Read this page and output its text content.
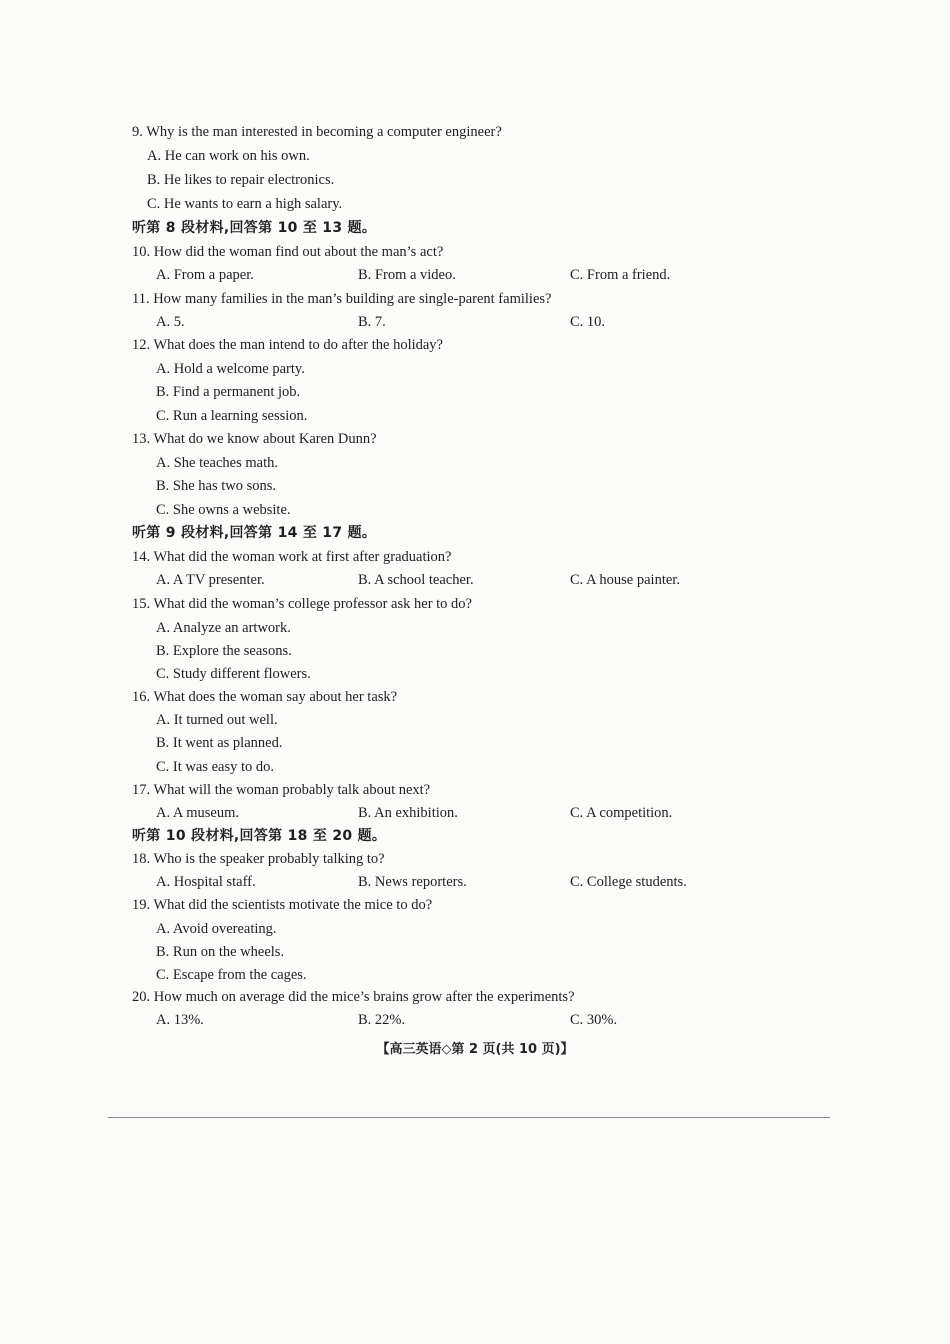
9. Why is the man interested in becoming a computer engineer?
A. He can work on his own.
B. He likes to repair electronics.
C. He wants to earn a high salary.
听第 8 段材料,回答第 10 至 13 题。
10. How did the woman find out about the man’s act?
A. From a paper.	B. From a video.	C. From a friend.
11. How many families in the man’s building are single-parent families?
A. 5.	B. 7.	C. 10.
12. What does the man intend to do after the holiday?
A. Hold a welcome party.
B. Find a permanent job.
C. Run a learning session.
13. What do we know about Karen Dunn?
A. She teaches math.
B. She has two sons.
C. She owns a website.
听第 9 段材料,回答第 14 至 17 题。
14. What did the woman work at first after graduation?
A. A TV presenter.	B. A school teacher.	C. A house painter.
15. What did the woman’s college professor ask her to do?
A. Analyze an artwork.
B. Explore the seasons.
C. Study different flowers.
16. What does the woman say about her task?
A. It turned out well.
B. It went as planned.
C. It was easy to do.
17. What will the woman probably talk about next?
A. A museum.	B. An exhibition.	C. A competition.
听第 10 段材料,回答第 18 至 20 题。
18. Who is the speaker probably talking to?
A. Hospital staff.	B. News reporters.	C. College students.
19. What did the scientists motivate the mice to do?
A. Avoid overeating.
B. Run on the wheels.
C. Escape from the cages.
20. How much on average did the mice’s brains grow after the experiments?
A. 13%.	B. 22%.	C. 30%.
【高三英语◇第 2 页(共 10 页)】
